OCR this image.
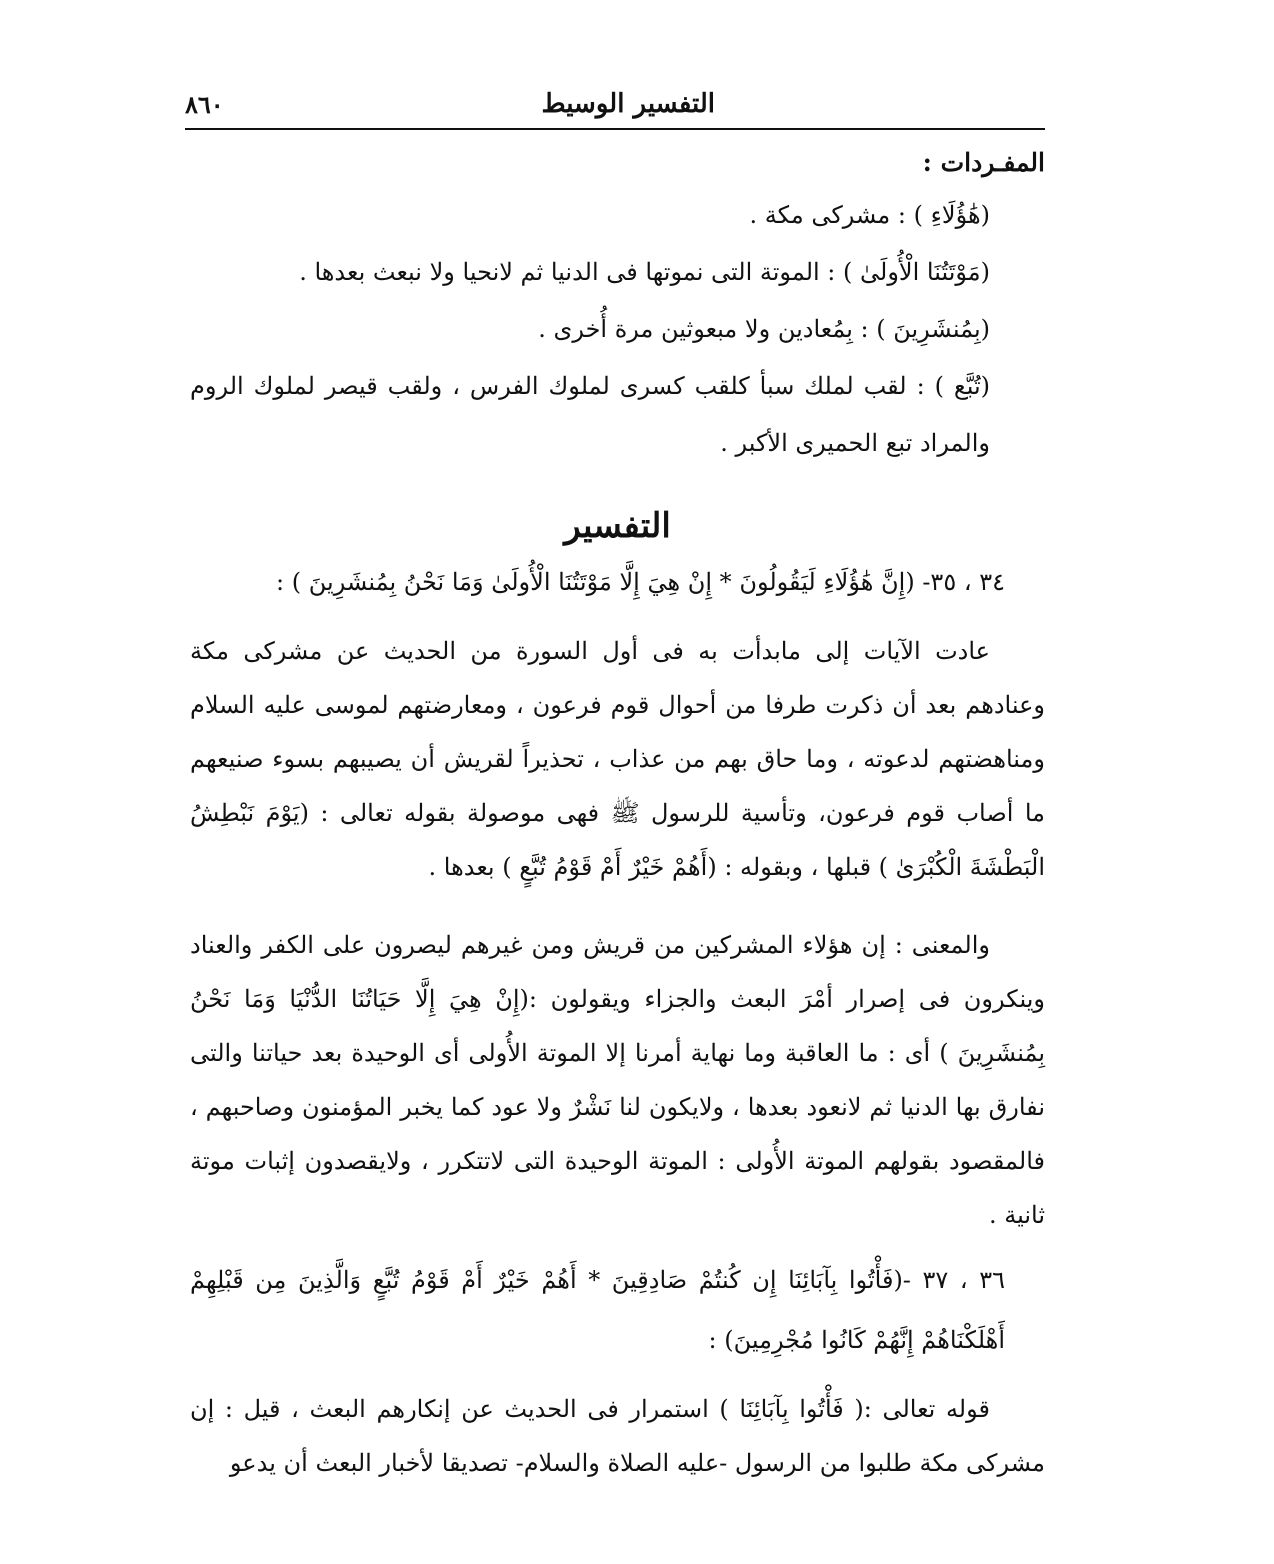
التفسير الوسيط
٨٦٠

المفـردات :

(هَٰؤُلَاءِ ) : مشركى مكة .

(مَوْتَتُنَا الْأُولَىٰ ) : الموتة التى نموتها فى الدنيا ثم لانحيا ولا نبعث بعدها .

(بِمُنشَرِينَ ) : بِمُعادين ولا مبعوثين مرة أُخرى .

(تُبَّع ) : لقب لملك سبأ كلقب كسرى لملوك الفرس ، ولقب قيصر لملوك الروم والمراد تبع الحميرى الأكبر .

التفسير

٣٤ ، ٣٥- (إِنَّ هَٰؤُلَاءِ لَيَقُولُونَ * إِنْ هِيَ إِلَّا مَوْتَتُنَا الْأُولَىٰ وَمَا نَحْنُ بِمُنشَرِينَ ) :

عادت الآيات إلى مابدأت به فى أول السورة من الحديث عن مشركى مكة وعنادهم بعد أن ذكرت طرفا من أحوال قوم فرعون ، ومعارضتهم لموسى عليه السلام ومناهضتهم لدعوته ، وما حاق بهم من عذاب ، تحذيراً لقريش أن يصيبهم بسوء صنيعهم ما أصاب قوم فرعون، وتأسية للرسول ﷺ فهى موصولة بقوله تعالى : (يَوْمَ نَبْطِشُ الْبَطْشَةَ الْكُبْرَىٰ ) قبلها ، وبقوله : (أَهُمْ خَيْرٌ أَمْ قَوْمُ تُبَّعٍ ) بعدها .

والمعنى : إن هؤلاء المشركين من قريش ومن غيرهم ليصرون على الكفر والعناد وينكرون فى إصرار أمْرَ البعث والجزاء ويقولون :(إِنْ هِيَ إِلَّا حَيَاتُنَا الدُّنْيَا وَمَا نَحْنُ بِمُنشَرِينَ ) أى : ما العاقبة وما نهاية أمرنا إلا الموتة الأُولى أى الوحيدة بعد حياتنا والتى نفارق بها الدنيا ثم لانعود بعدها ، ولايكون لنا نَشْرٌ ولا عود كما يخبر المؤمنون وصاحبهم ، فالمقصود بقولهم الموتة الأُولى : الموتة الوحيدة التى لاتتكرر ، ولايقصدون إثبات موتة ثانية .

٣٦ ، ٣٧ -(فَأْتُوا بِآبَائِنَا إِن كُنتُمْ صَادِقِينَ * أَهُمْ خَيْرٌ أَمْ قَوْمُ تُبَّعٍ وَالَّذِينَ مِن قَبْلِهِمْ أَهْلَكْنَاهُمْ إِنَّهُمْ كَانُوا مُجْرِمِينَ) :

قوله تعالى :( فَأْتُوا بِآبَائِنَا ) استمرار فى الحديث عن إنكارهم البعث ، قيل : إن مشركى مكة طلبوا من الرسول -عليه الصلاة والسلام- تصديقا لأخبار البعث أن يدعو
